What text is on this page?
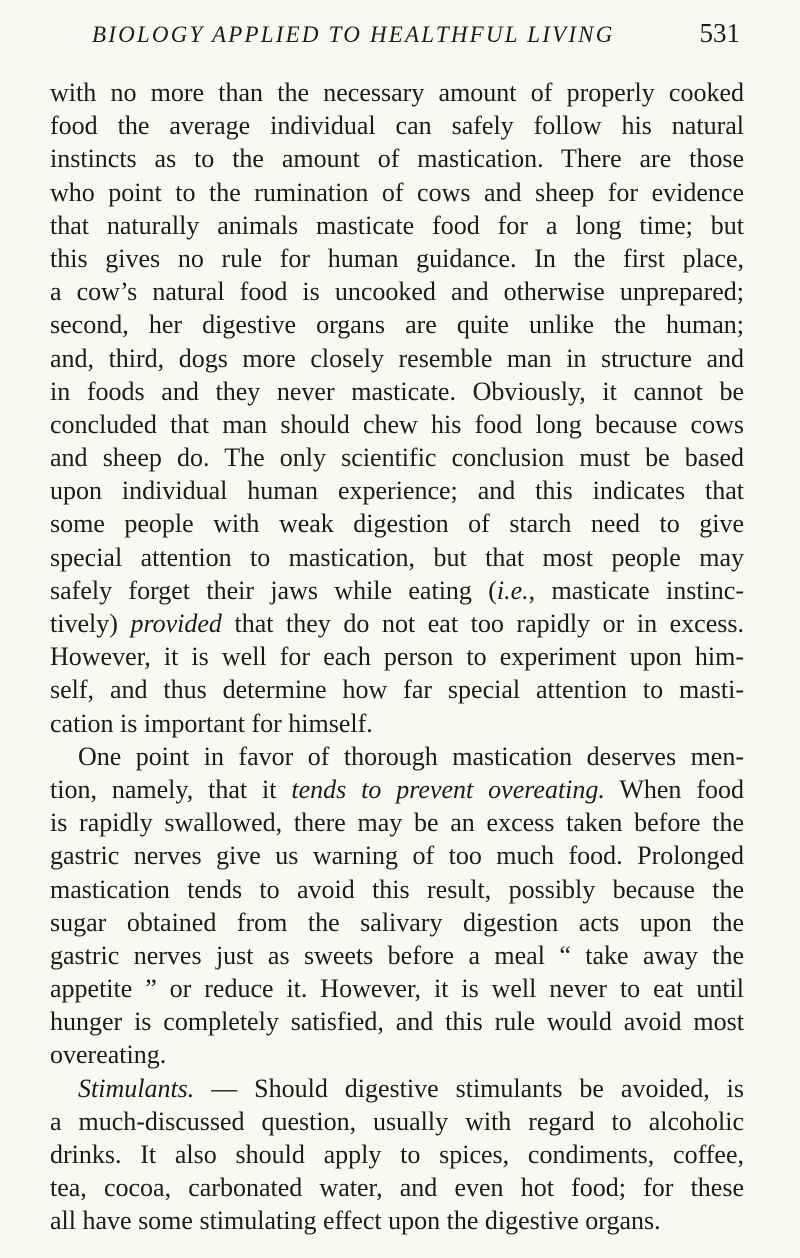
BIOLOGY APPLIED TO HEALTHFUL LIVING	531
with no more than the necessary amount of properly cooked
food the average individual can safely follow his natural
instincts as to the amount of mastication. There are those
who point to the rumination of cows and sheep for evidence
that naturally animals masticate food for a long time; but
this gives no rule for human guidance. In the first place,
a cow’s natural food is uncooked and otherwise unprepared;
second, her digestive organs are quite unlike the human;
and, third, dogs more closely resemble man in structure and
in foods and they never masticate. Obviously, it cannot be
concluded that man should chew his food long because cows
and sheep do. The only scientific conclusion must be based
upon individual human experience; and this indicates that
some people with weak digestion of starch need to give
special attention to mastication, but that most people may
safely forget their jaws while eating (i.e., masticate instinc-
tively) provided that they do not eat too rapidly or in excess.
However, it is well for each person to experiment upon him-
self, and thus determine how far special attention to masti-
cation is important for himself.
One point in favor of thorough mastication deserves men-
tion, namely, that it tends to prevent overeating. When food
is rapidly swallowed, there may be an excess taken before the
gastric nerves give us warning of too much food. Prolonged
mastication tends to avoid this result, possibly because the
sugar obtained from the salivary digestion acts upon the
gastric nerves just as sweets before a meal “ take away the
appetite ” or reduce it. However, it is well never to eat until
hunger is completely satisfied, and this rule would avoid most
overeating.
Stimulants. — Should digestive stimulants be avoided, is
a much-discussed question, usually with regard to alcoholic
drinks. It also should apply to spices, condiments, coffee,
tea, cocoa, carbonated water, and even hot food; for these
all have some stimulating effect upon the digestive organs.
